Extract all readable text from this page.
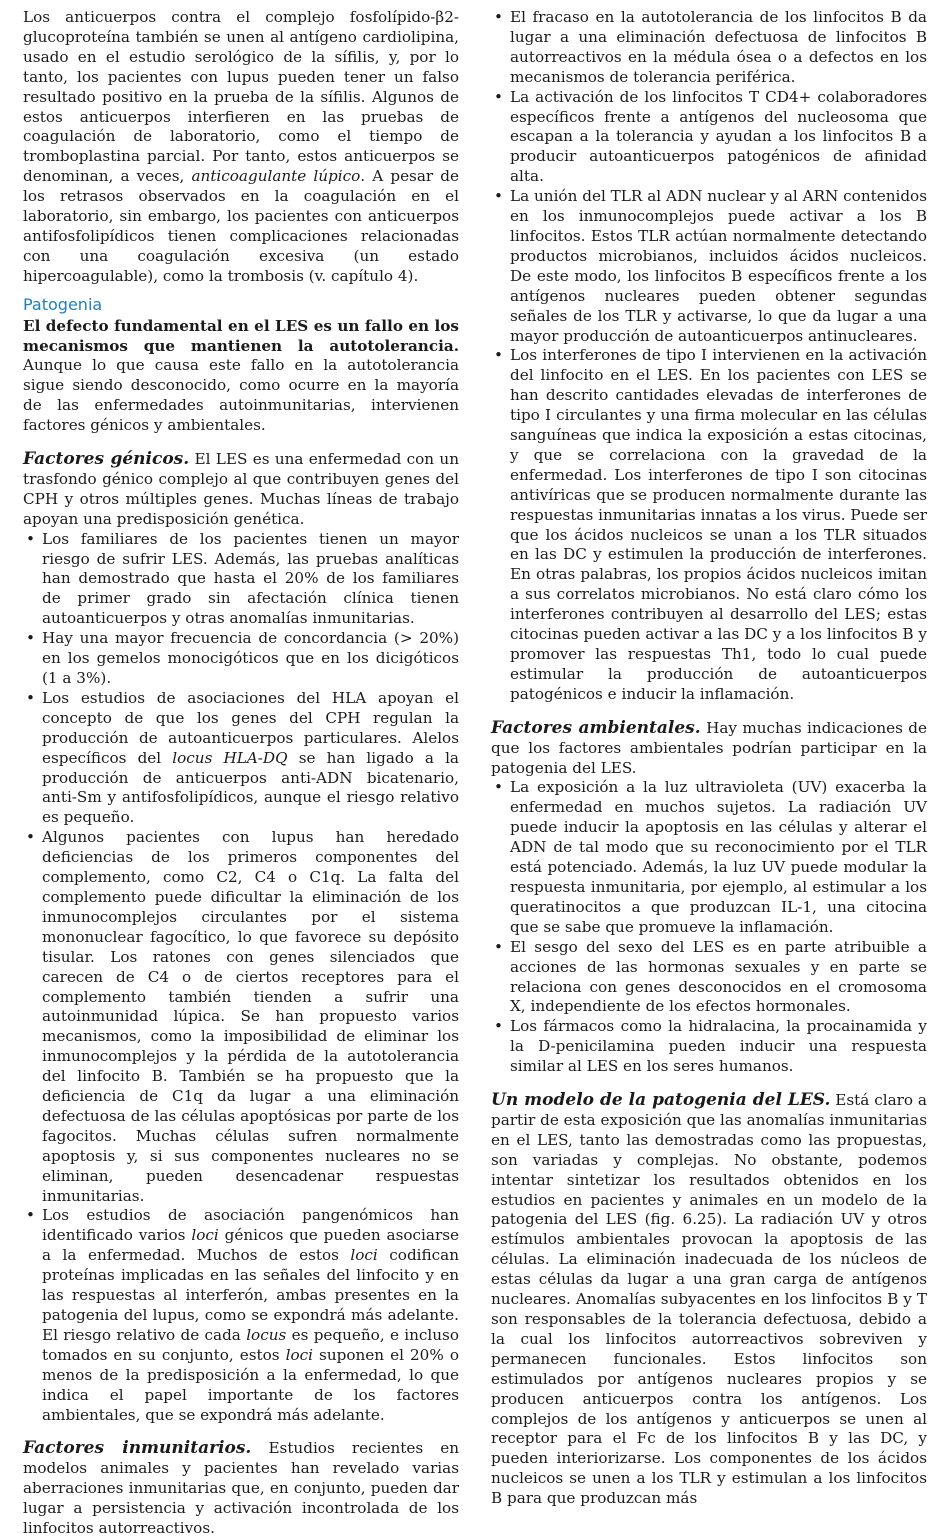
Los anticuerpos contra el complejo fosfolípido-β2-glucoproteína también se unen al antígeno cardiolipina, usado en el estudio serológico de la sífilis, y, por lo tanto, los pacientes con lupus pueden tener un falso resultado positivo en la prueba de la sífilis. Algunos de estos anticuerpos interfieren en las pruebas de coagulación de laboratorio, como el tiempo de tromboplastina parcial. Por tanto, estos anticuerpos se denominan, a veces, anticoagulante lúpico. A pesar de los retrasos observados en la coagulación en el laboratorio, sin embargo, los pacientes con anticuerpos antifosfolipídicos tienen complicaciones relacionadas con una coagulación excesiva (un estado hipercoagulable), como la trombosis (v. capítulo 4).

Patogenia

El defecto fundamental en el LES es un fallo en los mecanismos que mantienen la autotolerancia. Aunque lo que causa este fallo en la autotolerancia sigue siendo desconocido, como ocurre en la mayoría de las enfermedades autoinmunitarias, intervienen factores génicos y ambientales.

Factores génicos. El LES es una enfermedad con un trasfondo génico complejo al que contribuyen genes del CPH y otros múltiples genes. Muchas líneas de trabajo apoyan una predisposición genética.

• Los familiares de los pacientes tienen un mayor riesgo de sufrir LES. Además, las pruebas analíticas han demostrado que hasta el 20% de los familiares de primer grado sin afectación clínica tienen autoanticuerpos y otras anomalías inmunitarias.
• Hay una mayor frecuencia de concordancia (> 20%) en los gemelos monocigóticos que en los dicigóticos (1 a 3%).
• Los estudios de asociaciones del HLA apoyan el concepto de que los genes del CPH regulan la producción de autoanticuerpos particulares. Alelos específicos del locus HLA-DQ se han ligado a la producción de anticuerpos anti-ADN bicatenario, anti-Sm y antifosfolipídicos, aunque el riesgo relativo es pequeño.
• Algunos pacientes con lupus han heredado deficiencias de los primeros componentes del complemento, como C2, C4 o C1q. La falta del complemento puede dificultar la eliminación de los inmunocomplejos circulantes por el sistema mononuclear fagocítico, lo que favorece su depósito tisular. Los ratones con genes silenciados que carecen de C4 o de ciertos receptores para el complemento también tienden a sufrir una autoinmunidad lúpica. Se han propuesto varios mecanismos, como la imposibilidad de eliminar los inmunocomplejos y la pérdida de la autotolerancia del linfocito B. También se ha propuesto que la deficiencia de C1q da lugar a una eliminación defectuosa de las células apoptósicas por parte de los fagocitos. Muchas células sufren normalmente apoptosis y, si sus componentes nucleares no se eliminan, pueden desencadenar respuestas inmunitarias.
• Los estudios de asociación pangenómicos han identificado varios loci génicos que pueden asociarse a la enfermedad. Muchos de estos loci codifican proteínas implicadas en las señales del linfocito y en las respuestas al interferón, ambas presentes en la patogenia del lupus, como se expondrá más adelante. El riesgo relativo de cada locus es pequeño, e incluso tomados en su conjunto, estos loci suponen el 20% o menos de la predisposición a la enfermedad, lo que indica el papel importante de los factores ambientales, que se expondrá más adelante.

Factores inmunitarios. Estudios recientes en modelos animales y pacientes han revelado varias aberraciones inmunitarias que, en conjunto, pueden dar lugar a persistencia y activación incontrolada de los linfocitos autorreactivos.

• El fracaso en la autotolerancia de los linfocitos B da lugar a una eliminación defectuosa de linfocitos B autorreactivos en la médula ósea o a defectos en los mecanismos de tolerancia periférica.
• La activación de los linfocitos T CD4+ colaboradores específicos frente a antígenos del nucleosoma que escapan a la tolerancia y ayudan a los linfocitos B a producir autoanticuerpos patogénicos de afinidad alta.
• La unión del TLR al ADN nuclear y al ARN contenidos en los inmunocomplejos puede activar a los B linfocitos. Estos TLR actúan normalmente detectando productos microbianos, incluidos ácidos nucleicos. De este modo, los linfocitos B específicos frente a los antígenos nucleares pueden obtener segundas señales de los TLR y activarse, lo que da lugar a una mayor producción de autoanticuerpos antinucleares.
• Los interferones de tipo I intervienen en la activación del linfocito en el LES. En los pacientes con LES se han descrito cantidades elevadas de interferones de tipo I circulantes y una firma molecular en las células sanguíneas que indica la exposición a estas citocinas, y que se correlaciona con la gravedad de la enfermedad. Los interferones de tipo I son citocinas antivíricas que se producen normalmente durante las respuestas inmunitarias innatas a los virus. Puede ser que los ácidos nucleicos se unan a los TLR situados en las DC y estimulen la producción de interferones. En otras palabras, los propios ácidos nucleicos imitan a sus correlatos microbianos. No está claro cómo los interferones contribuyen al desarrollo del LES; estas citocinas pueden activar a las DC y a los linfocitos B y promover las respuestas Th1, todo lo cual puede estimular la producción de autoanticuerpos patogénicos e inducir la inflamación.

Factores ambientales. Hay muchas indicaciones de que los factores ambientales podrían participar en la patogenia del LES.

• La exposición a la luz ultravioleta (UV) exacerba la enfermedad en muchos sujetos. La radiación UV puede inducir la apoptosis en las células y alterar el ADN de tal modo que su reconocimiento por el TLR está potenciado. Además, la luz UV puede modular la respuesta inmunitaria, por ejemplo, al estimular a los queratinocitos a que produzcan IL-1, una citocina que se sabe que promueve la inflamación.
• El sesgo del sexo del LES es en parte atribuible a acciones de las hormonas sexuales y en parte se relaciona con genes desconocidos en el cromosoma X, independiente de los efectos hormonales.
• Los fármacos como la hidralacina, la procainamida y la D-penicilamina pueden inducir una respuesta similar al LES en los seres humanos.

Un modelo de la patogenia del LES. Está claro a partir de esta exposición que las anomalías inmunitarias en el LES, tanto las demostradas como las propuestas, son variadas y complejas. No obstante, podemos intentar sintetizar los resultados obtenidos en los estudios en pacientes y animales en un modelo de la patogenia del LES (fig. 6.25). La radiación UV y otros estímulos ambientales provocan la apoptosis de las células. La eliminación inadecuada de los núcleos de estas células da lugar a una gran carga de antígenos nucleares. Anomalías subyacentes en los linfocitos B y T son responsables de la tolerancia defectuosa, debido a la cual los linfocitos autorreactivos sobreviven y permanecen funcionales. Estos linfocitos son estimulados por antígenos nucleares propios y se producen anticuerpos contra los antígenos. Los complejos de los antígenos y anticuerpos se unen al receptor para el Fc de los linfocitos B y las DC, y pueden interiorizarse. Los componentes de los ácidos nucleicos se unen a los TLR y estimulan a los linfocitos B para que produzcan más
